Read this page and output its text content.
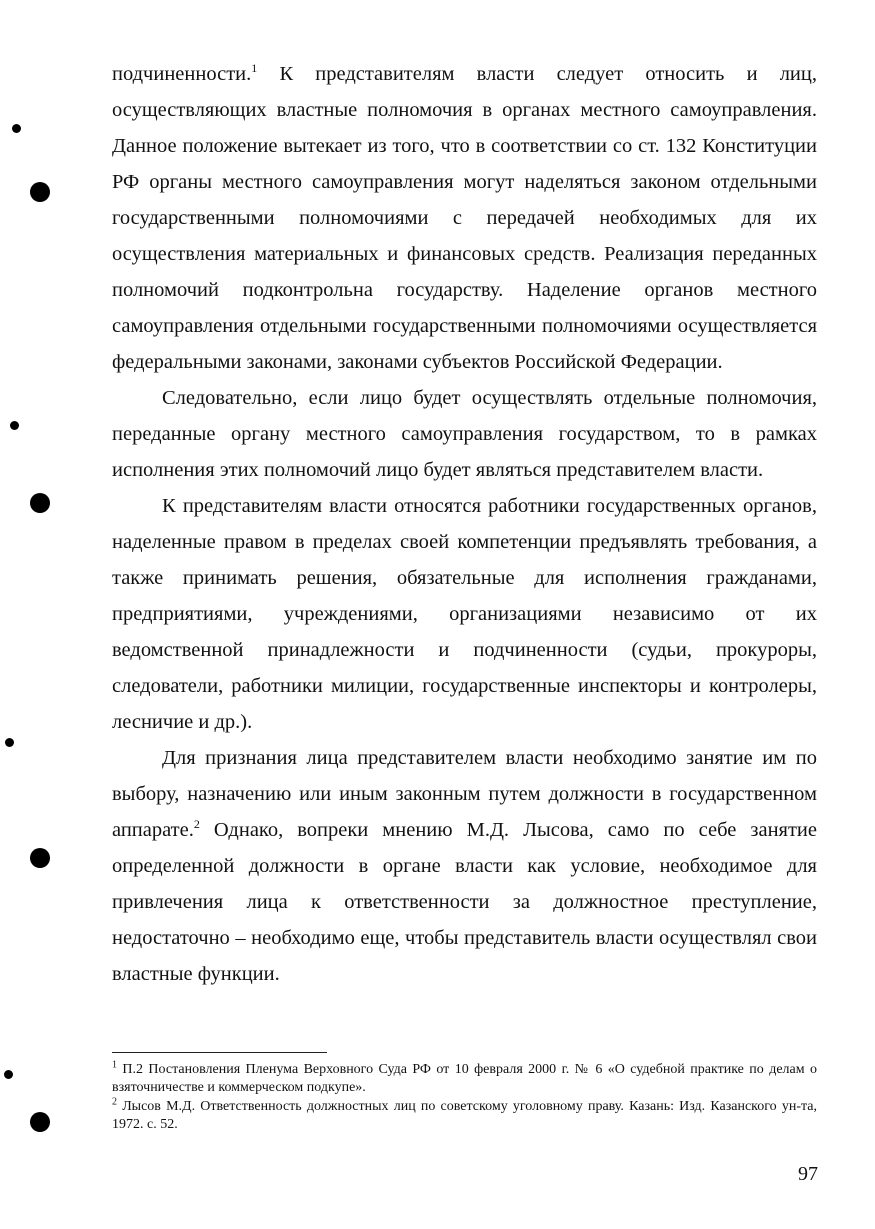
подчиненности.$^1$ К представителям власти следует относить и лиц, осуществляющих властные полномочия в органах местного самоуправления. Данное положение вытекает из того, что в соответствии со ст. 132 Конституции РФ органы местного самоуправления могут наделяться законом отдельными государственными полномочиями с передачей необходимых для их осуществления материальных и финансовых средств. Реализация переданных полномочий подконтрольна государству. Наделение органов местного самоуправления отдельными государственными полномочиями осуществляется федеральными законами, законами субъектов Российской Федерации.

Следовательно, если лицо будет осуществлять отдельные полномочия, переданные органу местного самоуправления государством, то в рамках исполнения этих полномочий лицо будет являться представителем власти.

К представителям власти относятся работники государственных органов, наделенные правом в пределах своей компетенции предъявлять требования, а также принимать решения, обязательные для исполнения гражданами, предприятиями, учреждениями, организациями независимо от их ведомственной принадлежности и подчиненности (судьи, прокуроры, следователи, работники милиции, государственные инспекторы и контролеры, лесничие и др.).

Для признания лица представителем власти необходимо занятие им по выбору, назначению или иным законным путем должности в государственном аппарате.$^2$ Однако, вопреки мнению М.Д. Лысова, само по себе занятие определенной должности в органе власти как условие, необходимое для привлечения лица к ответственности за должностное преступление, недостаточно – необходимо еще, чтобы представитель власти осуществлял свои властные функции.

$^1$ П.2 Постановления Пленума Верховного Суда РФ от 10 февраля 2000 г. № 6 «О судебной практике по делам о взяточничестве и коммерческом подкупе».

$^2$ Лысов М.Д. Ответственность должностных лиц по советскому уголовному праву. Казань: Изд. Казанского ун-та, 1972. с. 52.

97
